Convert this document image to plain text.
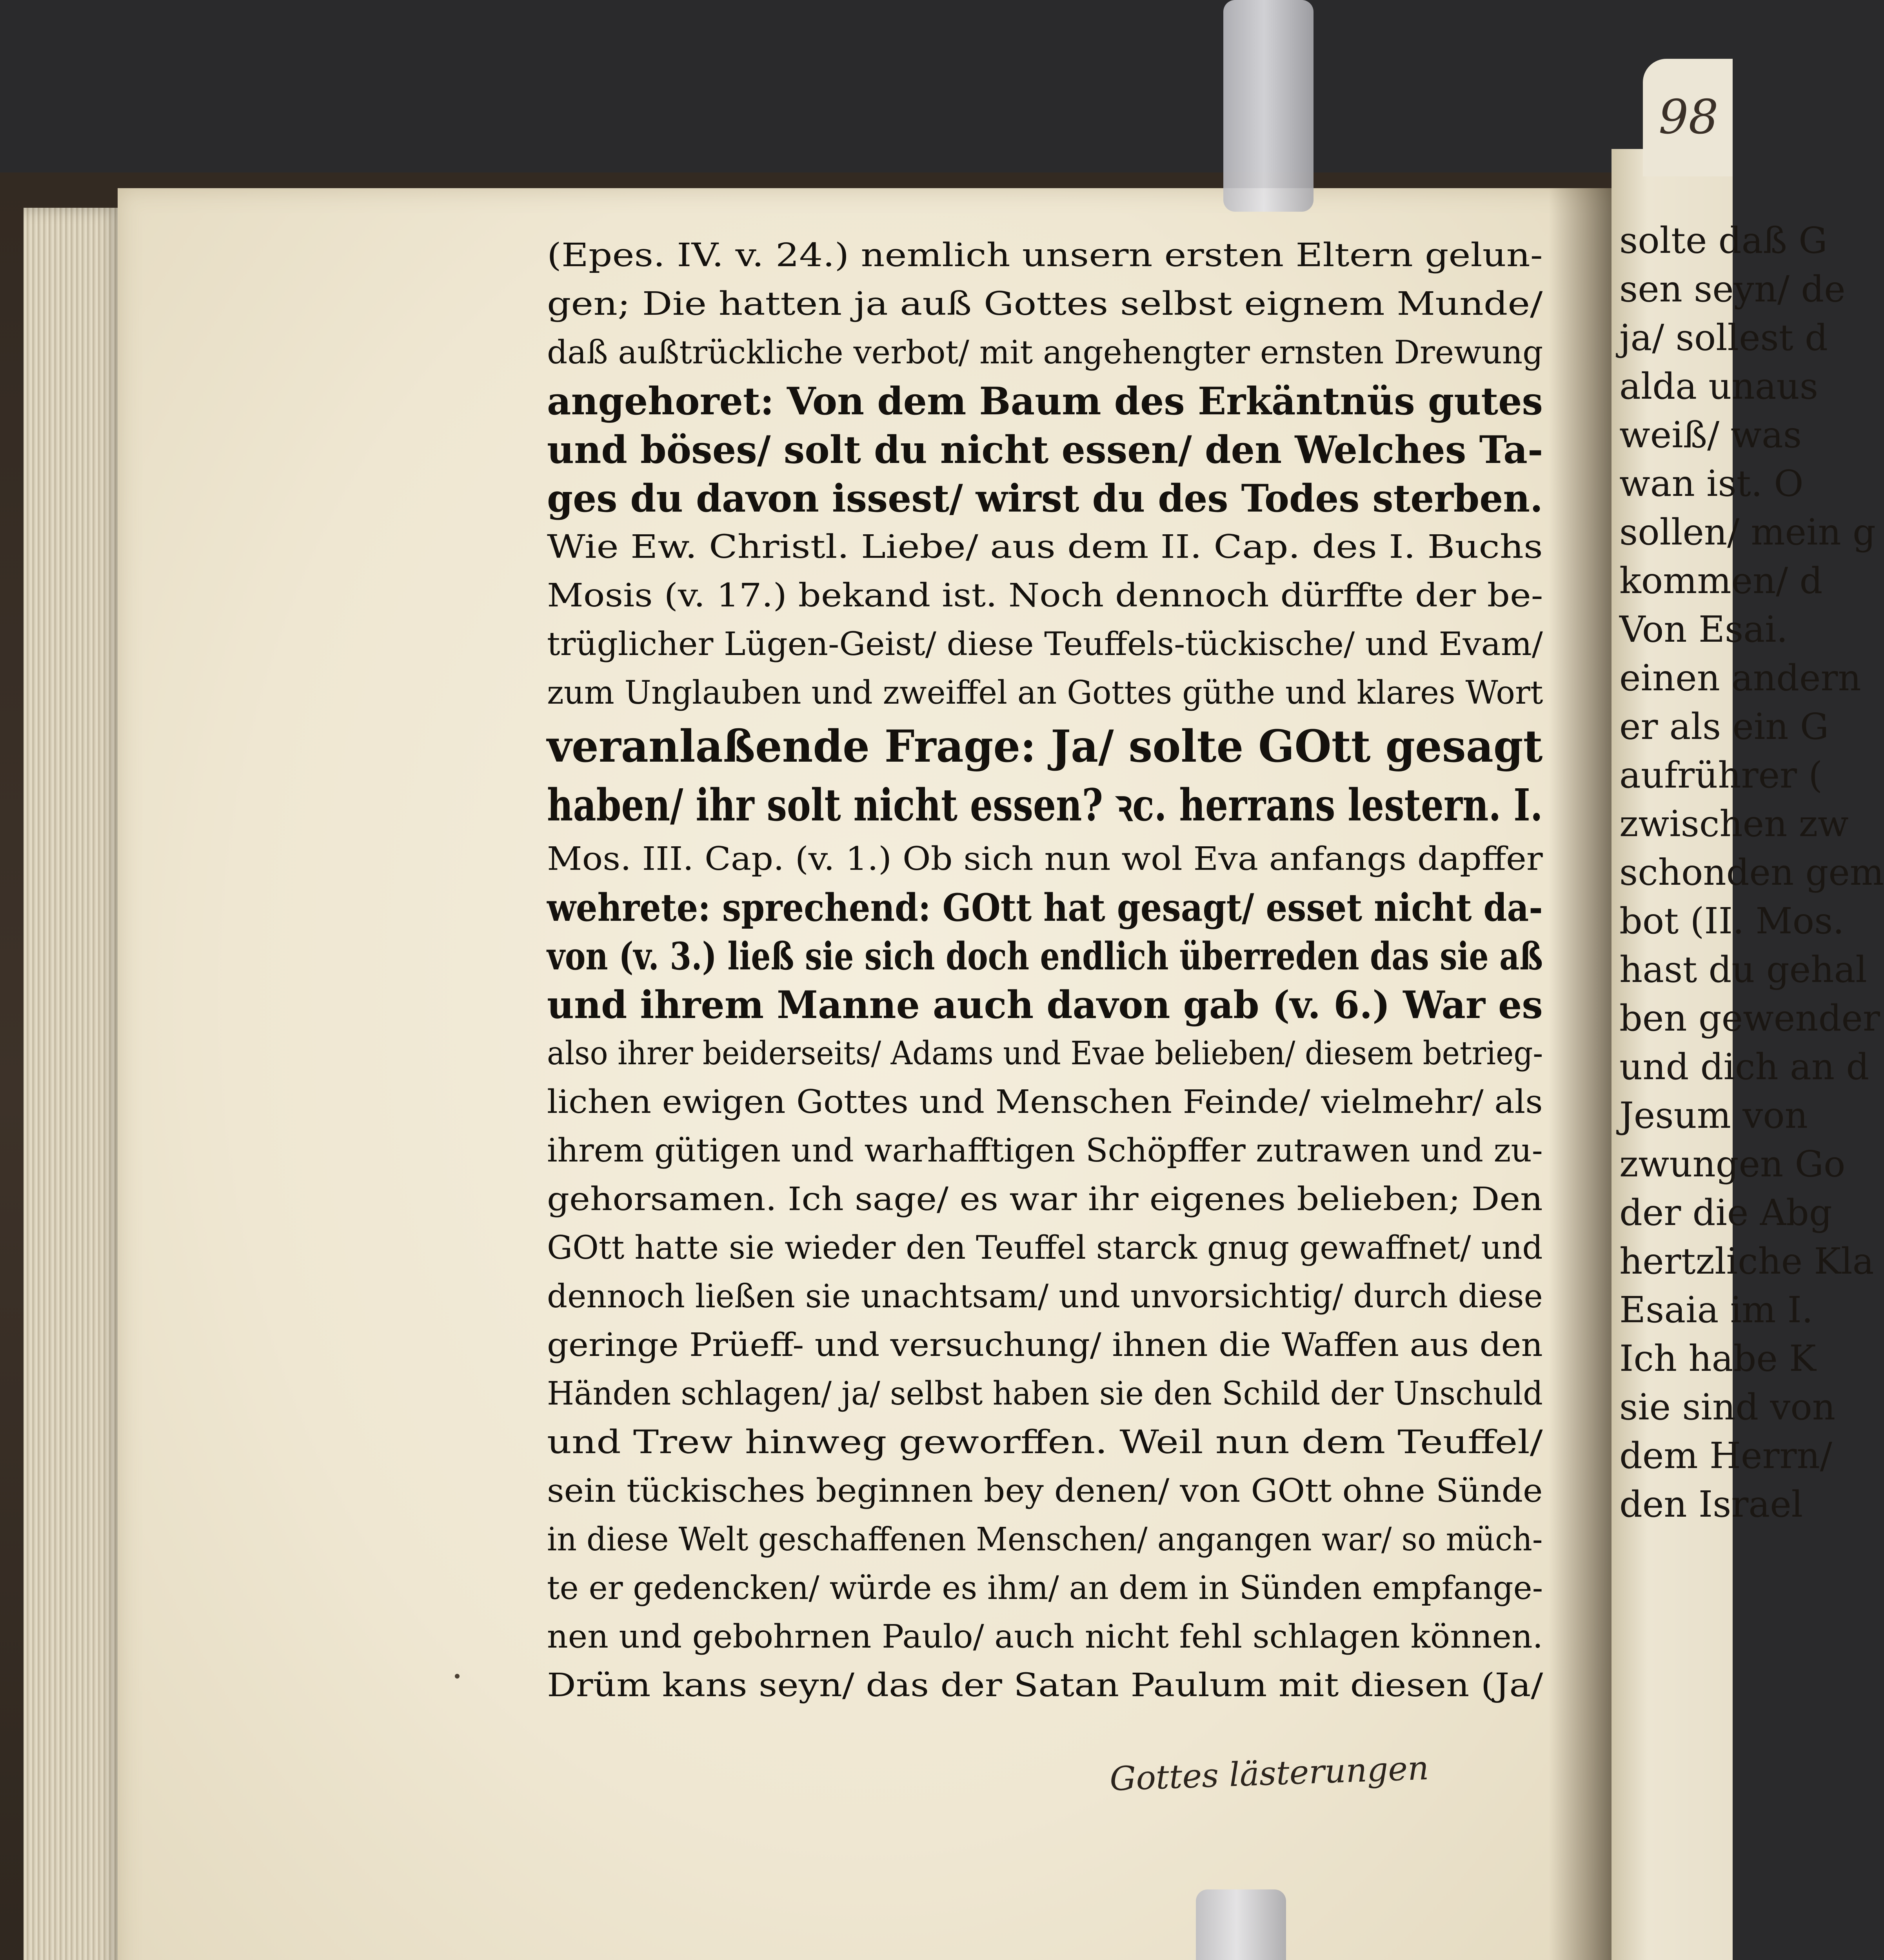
solte daß G
sen seyn/ de
ja/ sollest d
alda unaus
weiß/ was
wan ist. O
sollen/ mein g
kommen/ d
Von Esai.
einen andern
er als ein G
aufrührer (
zwischen zw
schonden gem
bot (II. Mos.
hast du gehal
ben gewender
und dich an d
Jesum von
zwungen Go
der die Abg
hertzliche Kla
Esaia im I.
Ich habe K
sie sind von
dem Herrn/
den Israel
98
(Epes. IV. v. 24.) nemlich unsern ersten Eltern gelun-
gen; Die hatten ja auß Gottes selbst eignem Munde/
daß außtrückliche verbot/ mit angehengter ernsten Drewung
angehoret: Von dem Baum des Erkäntnüs gutes
und böses/ solt du nicht essen/ den Welches Ta-
ges du davon issest/ wirst du des Todes sterben.
Wie Ew. Christl. Liebe/ aus dem II. Cap. des I. Buchs
Mosis (v. 17.) bekand ist. Noch dennoch dürffte der be-
trüglicher Lügen-Geist/ diese Teuffels-tückische/ und Evam/
zum Unglauben und zweiffel an Gottes güthe und klares Wort
veranlaßende Frage: Ja/ solte GOtt gesagt
haben/ ihr solt nicht essen? ꝛc. herrans lestern. I.
Mos. III. Cap. (v. 1.) Ob sich nun wol Eva anfangs dapffer
wehrete: sprechend: GOtt hat gesagt/ esset nicht da-
von (v. 3.) ließ sie sich doch endlich überreden das sie aß
und ihrem Manne auch davon gab (v. 6.) War es
also ihrer beiderseits/ Adams und Evae belieben/ diesem betrieg-
lichen ewigen Gottes und Menschen Feinde/ vielmehr/ als
ihrem gütigen und warhafftigen Schöpffer zutrawen und zu-
gehorsamen. Ich sage/ es war ihr eigenes belieben; Den
GOtt hatte sie wieder den Teuffel starck gnug gewaffnet/ und
dennoch ließen sie unachtsam/ und unvorsichtig/ durch diese
geringe Prüeff- und versuchung/ ihnen die Waffen aus den
Händen schlagen/ ja/ selbst haben sie den Schild der Unschuld
und Trew hinweg geworffen. Weil nun dem Teuffel/
sein tückisches beginnen bey denen/ von GOtt ohne Sünde
in diese Welt geschaffenen Menschen/ angangen war/ so müch-
te er gedencken/ würde es ihm/ an dem in Sünden empfange-
nen und gebohrnen Paulo/ auch nicht fehl schlagen können.
Drüm kans seyn/ das der Satan Paulum mit diesen (Ja/
Gottes lästerungen
